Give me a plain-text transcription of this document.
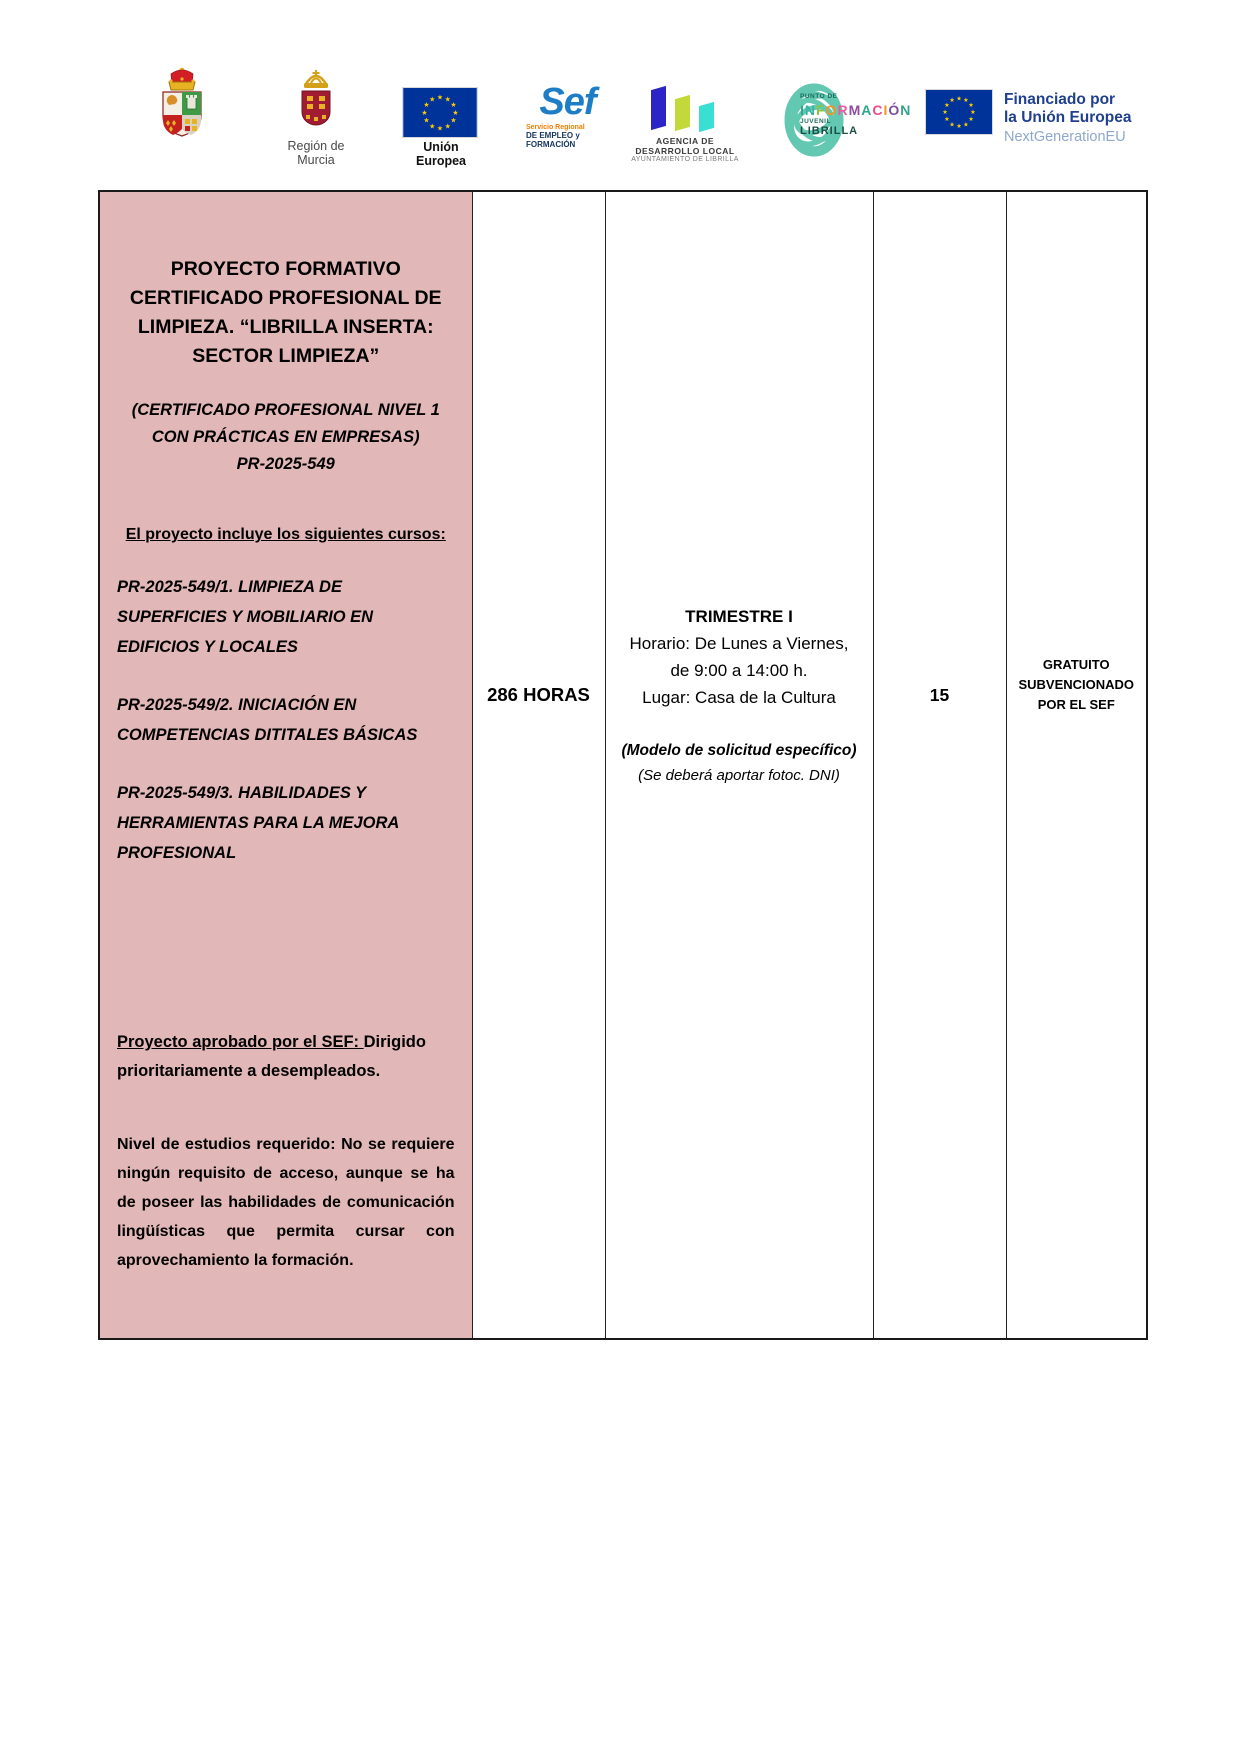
Región de Murcia
★ ★
★
★
★
★
★
★
★
★
★
★
Unión Europea
Sef
Servicio Regional
DE EMPLEO y FORMACIÓN	AGENCIA DE DESARROLLO LOCAL
AYUNTAMIENTO DE LIBRILLA
PUNTO DE
INFORMACIÓN
JUVENIL
LIBRILLA
★ ★
★
★
★
★
★
★
★
★
★
★	Financiado por
la Unión Europea
NextGenerationEU
PROYECTO FORMATIVO CERTIFICADO PROFESIONAL DE LIMPIEZA. “LIBRILLA INSERTA: SECTOR LIMPIEZA”
(CERTIFICADO PROFESIONAL NIVEL 1 CON PRÁCTICAS EN EMPRESAS)
PR-2025-549
El proyecto incluye los siguientes cursos:
PR-2025-549/1. LIMPIEZA DE SUPERFICIES Y MOBILIARIO EN EDIFICIOS Y LOCALES
PR-2025-549/2. INICIACIÓN EN COMPETENCIAS DITITALES BÁSICAS
PR-2025-549/3. HABILIDADES Y HERRAMIENTAS PARA LA MEJORA PROFESIONAL
Proyecto aprobado por el SEF: Dirigido prioritariamente a desempleados.
Nivel de estudios requerido: No se requiere ningún requisito de acceso, aunque se ha de poseer las habilidades de comunicación lingüísticas que permita cursar con aprovechamiento la formación.

286 HORAS

TRIMESTRE I
Horario: De Lunes a Viernes,
de 9:00 a 14:00 h.
Lugar: Casa de la Cultura
(Modelo de solicitud específico)
(Se deberá aportar fotoc. DNI)

15

GRATUITO SUBVENCIONADO POR EL SEF
